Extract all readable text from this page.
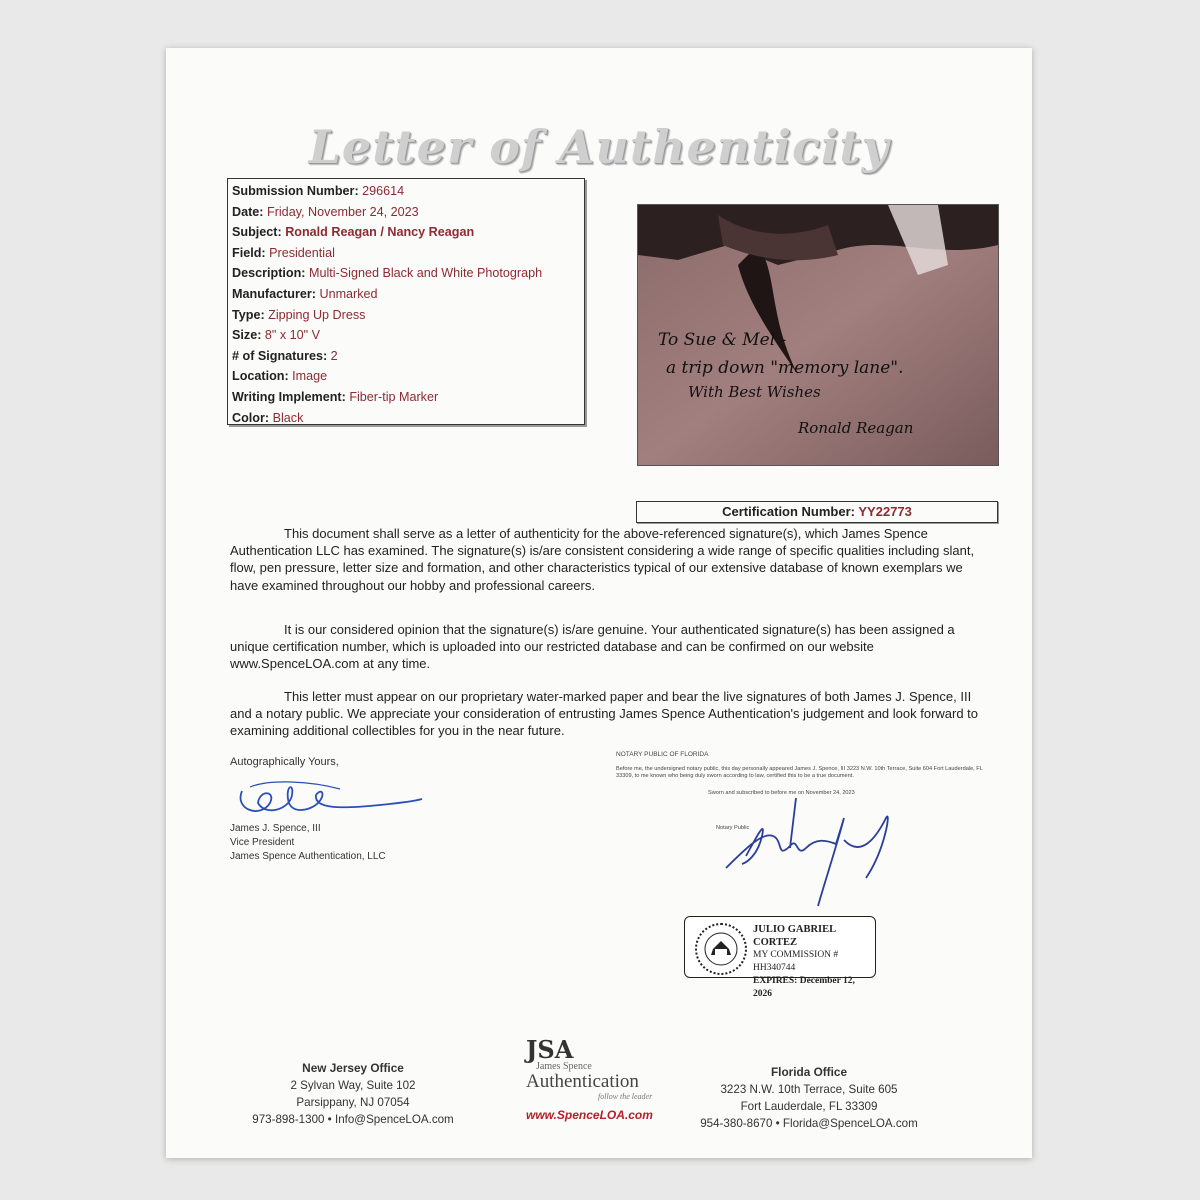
Letter of Authenticity
Submission Number: 296614
Date: Friday, November 24, 2023
Subject: Ronald Reagan / Nancy Reagan
Field: Presidential
Description: Multi-Signed Black and White Photograph
Manufacturer: Unmarked
Type: Zipping Up Dress
Size: 8" x 10" V
# of Signatures: 2
Location: Image
Writing Implement: Fiber-tip Marker
Color: Black
To Sue & Mel -
a trip down "memory lane".
With Best Wishes
Ronald Reagan
Certification Number: YY22773
This document shall serve as a letter of authenticity for the above-referenced signature(s), which James Spence Authentication LLC has examined. The signature(s) is/are consistent considering a wide range of specific qualities including slant, flow, pen pressure, letter size and formation, and other characteristics typical of our extensive database of known exemplars we have examined throughout our hobby and professional careers.
It is our considered opinion that the signature(s) is/are genuine. Your authenticated signature(s) has been assigned a unique certification number, which is uploaded into our restricted database and can be confirmed on our website www.SpenceLOA.com at any time.
This letter must appear on our proprietary water-marked paper and bear the live signatures of both James J. Spence, III and a notary public. We appreciate your consideration of entrusting James Spence Authentication's judgement and look forward to examining additional collectibles for you in the near future.
Autographically Yours,
James J. Spence, III
Vice President
James Spence Authentication, LLC
NOTARY PUBLIC OF FLORIDA
Before me, the undersigned notary public, this day personally appeared James J. Spence, III 3223 N.W. 10th Terrace, Suite 604 Fort Lauderdale, FL 33309, to me known who being duly sworn according to law, certified this to be a true document.
Sworn and subscribed to before me on November 24, 2023
Notary Public
JULIO GABRIEL CORTEZ
MY COMMISSION # HH340744
EXPIRES: December 12, 2026
New Jersey Office
2 Sylvan Way, Suite 102
Parsippany, NJ 07054
973-898-1300 • Info@SpenceLOA.com
JSA
James Spence
Authentication
follow the leader
www.SpenceLOA.com
Florida Office
3223 N.W. 10th Terrace, Suite 605
Fort Lauderdale, FL 33309
954-380-8670 • Florida@SpenceLOA.com
